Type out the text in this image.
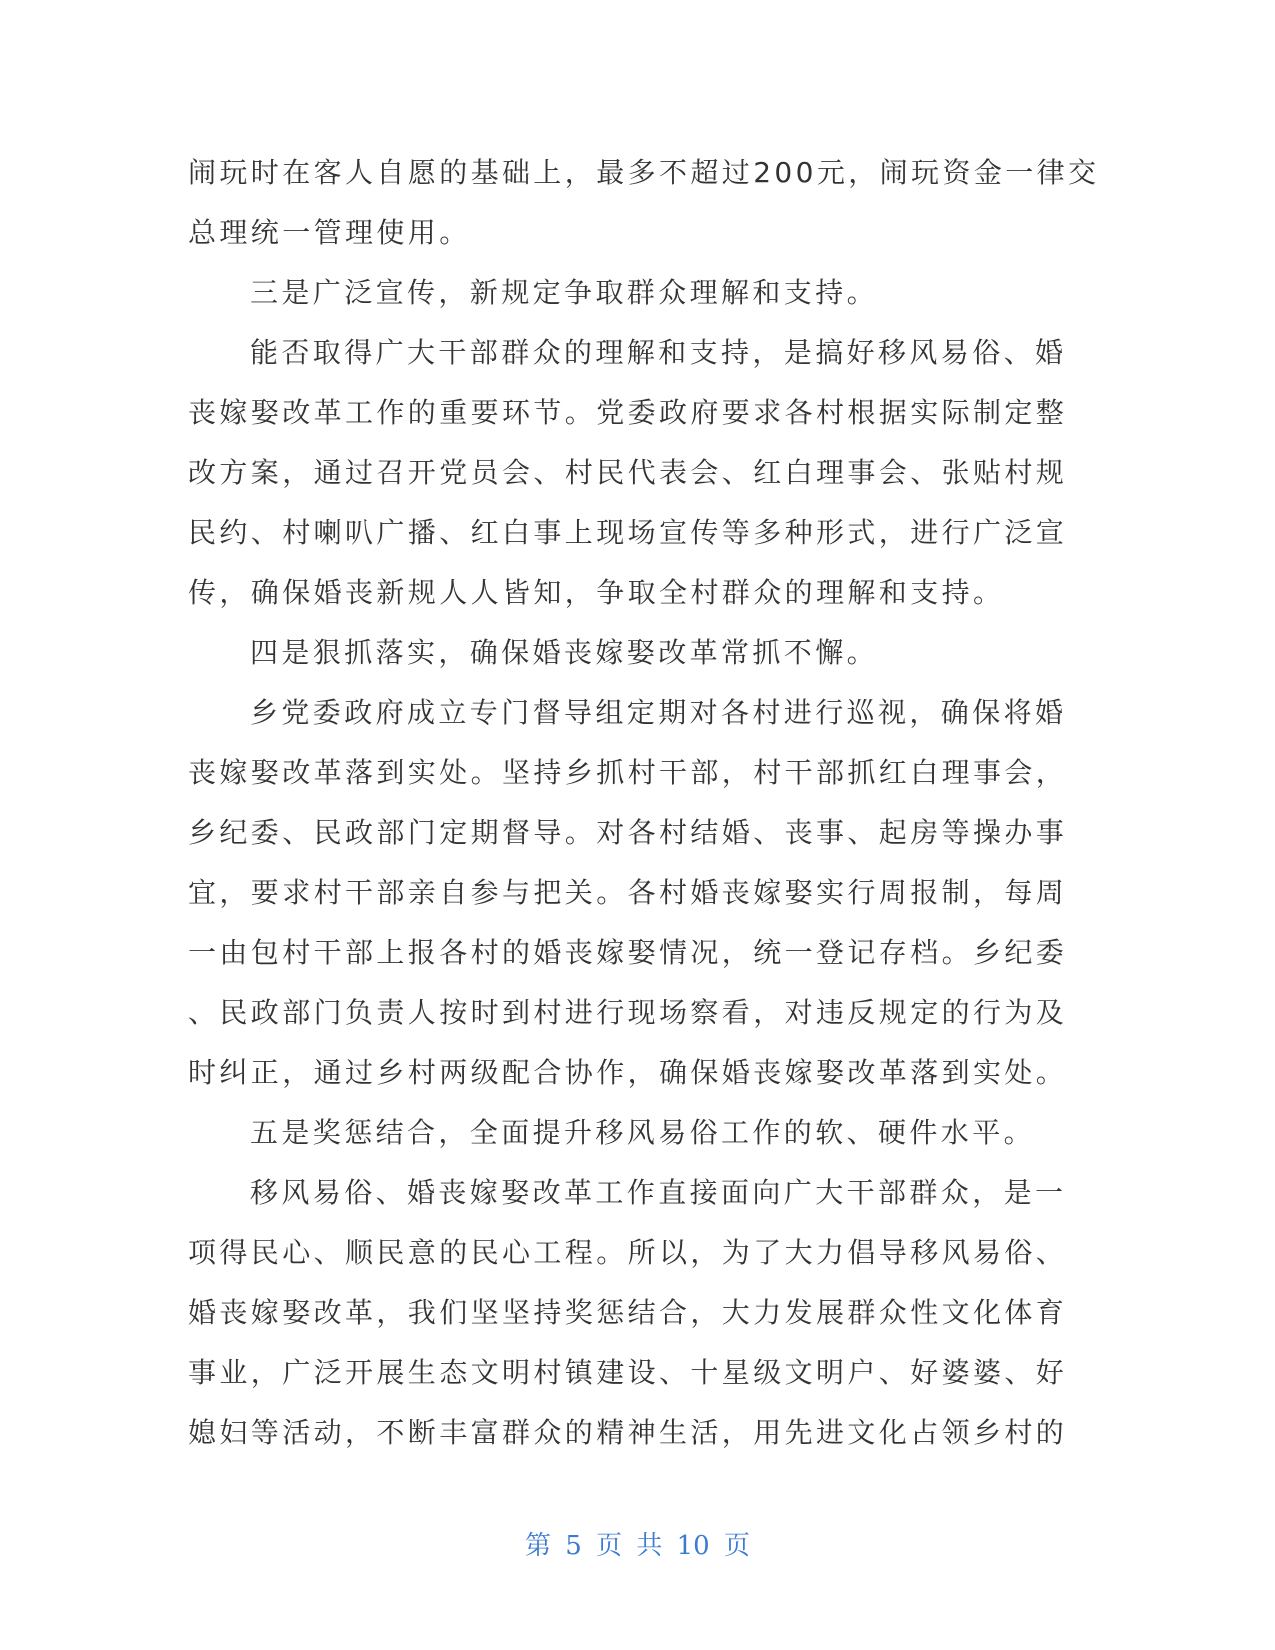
闹玩时在客人自愿的基础上，最多不超过200元，闹玩资金一律交
总理统一管理使用。
三是广泛宣传，新规定争取群众理解和支持。
能否取得广大干部群众的理解和支持，是搞好移风易俗、婚
丧嫁娶改革工作的重要环节。党委政府要求各村根据实际制定整
改方案，通过召开党员会、村民代表会、红白理事会、张贴村规
民约、村喇叭广播、红白事上现场宣传等多种形式，进行广泛宣
传，确保婚丧新规人人皆知，争取全村群众的理解和支持。
四是狠抓落实，确保婚丧嫁娶改革常抓不懈。
乡党委政府成立专门督导组定期对各村进行巡视，确保将婚
丧嫁娶改革落到实处。坚持乡抓村干部，村干部抓红白理事会，
乡纪委、民政部门定期督导。对各村结婚、丧事、起房等操办事
宜，要求村干部亲自参与把关。各村婚丧嫁娶实行周报制，每周
一由包村干部上报各村的婚丧嫁娶情况，统一登记存档。乡纪委
、民政部门负责人按时到村进行现场察看，对违反规定的行为及
时纠正，通过乡村两级配合协作，确保婚丧嫁娶改革落到实处。
五是奖惩结合，全面提升移风易俗工作的软、硬件水平。
移风易俗、婚丧嫁娶改革工作直接面向广大干部群众，是一
项得民心、顺民意的民心工程。所以，为了大力倡导移风易俗、
婚丧嫁娶改革，我们坚坚持奖惩结合，大力发展群众性文化体育
事业，广泛开展生态文明村镇建设、十星级文明户、好婆婆、好
媳妇等活动，不断丰富群众的精神生活，用先进文化占领乡村的
第 5 页 共 10 页
